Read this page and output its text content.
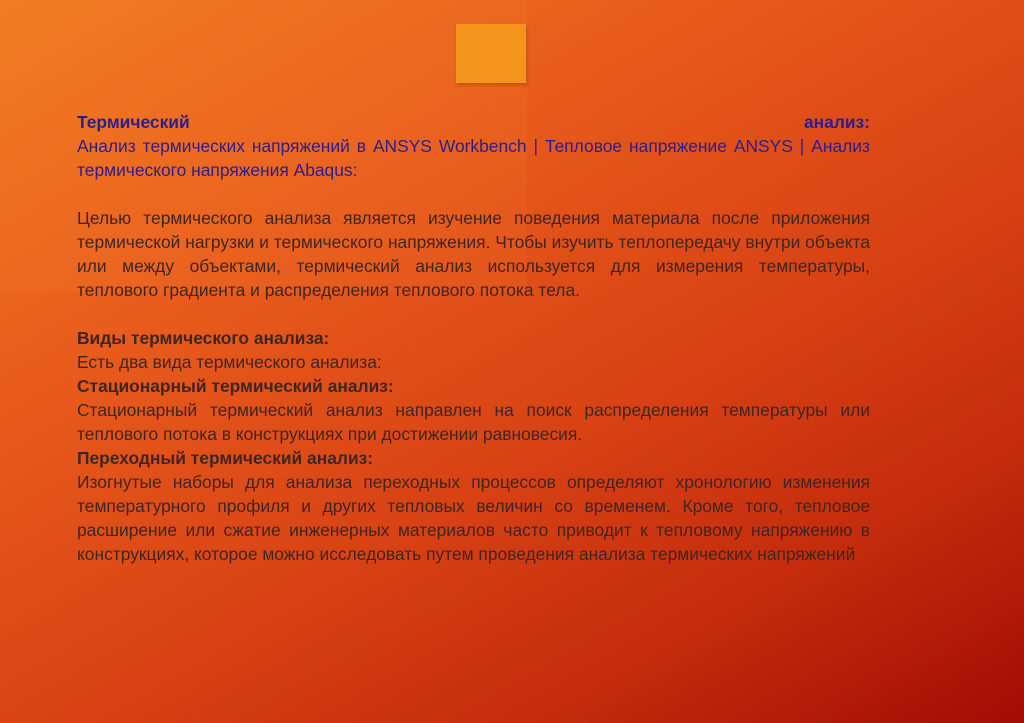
Термический	анализ:

Анализ термических напряжений в ANSYS Workbench | Тепловое напряжение ANSYS | Анализ термического напряжения Abaqus:

Целью термического анализа является изучение поведения материала после приложения термической нагрузки и термического напряжения. Чтобы изучить теплопередачу внутри объекта или между объектами, термический анализ используется для измерения температуры, теплового градиента и распределения теплового потока тела.

Виды термического анализа:

Есть два вида термического анализа:

Стационарный термический анализ:

Стационарный термический анализ направлен на поиск распределения температуры или теплового потока в конструкциях при достижении равновесия.

Переходный термический анализ:

Изогнутые наборы для анализа переходных процессов определяют хронологию изменения температурного профиля и других тепловых величин со временем. Кроме того, тепловое расширение или сжатие инженерных материалов часто приводит к тепловому напряжению в конструкциях, которое можно исследовать путем проведения анализа термических напряжений
